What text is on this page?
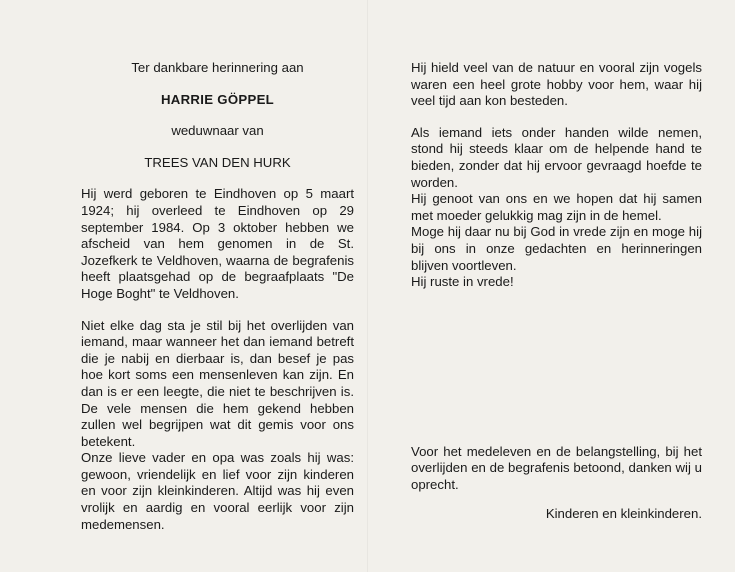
Ter dankbare herinnering aan

HARRIE GÖPPEL

weduwnaar van

TREES VAN DEN HURK

Hij werd geboren te Eindhoven op 5 maart 1924; hij overleed te Eindhoven op 29 september 1984. Op 3 oktober hebben we afscheid van hem genomen in de St. Jozefkerk te Veldhoven, waarna de begrafenis heeft plaatsgehad op de begraafplaats "De Hoge Boght" te Veldhoven.

Niet elke dag sta je stil bij het overlijden van iemand, maar wanneer het dan iemand betreft die je nabij en dierbaar is, dan besef je pas hoe kort soms een mensenleven kan zijn. En dan is er een leegte, die niet te beschrijven is. De vele mensen die hem gekend hebben zullen wel begrijpen wat dit gemis voor ons betekent.

Onze lieve vader en opa was zoals hij was: gewoon, vriendelijk en lief voor zijn kinderen en voor zijn kleinkinderen. Altijd was hij even vrolijk en aardig en vooral eerlijk voor zijn medemensen.

Hij hield veel van de natuur en vooral zijn vogels waren een heel grote hobby voor hem, waar hij veel tijd aan kon besteden.

Als iemand iets onder handen wilde nemen, stond hij steeds klaar om de helpende hand te bieden, zonder dat hij ervoor gevraagd hoefde te worden.

Hij genoot van ons en we hopen dat hij samen met moeder gelukkig mag zijn in de hemel.

Moge hij daar nu bij God in vrede zijn en moge hij bij ons in onze gedachten en herinneringen blijven voortleven.

Hij ruste in vrede!

Voor het medeleven en de belangstelling, bij het overlijden en de begrafenis betoond, danken wij u oprecht.

Kinderen en kleinkinderen.
